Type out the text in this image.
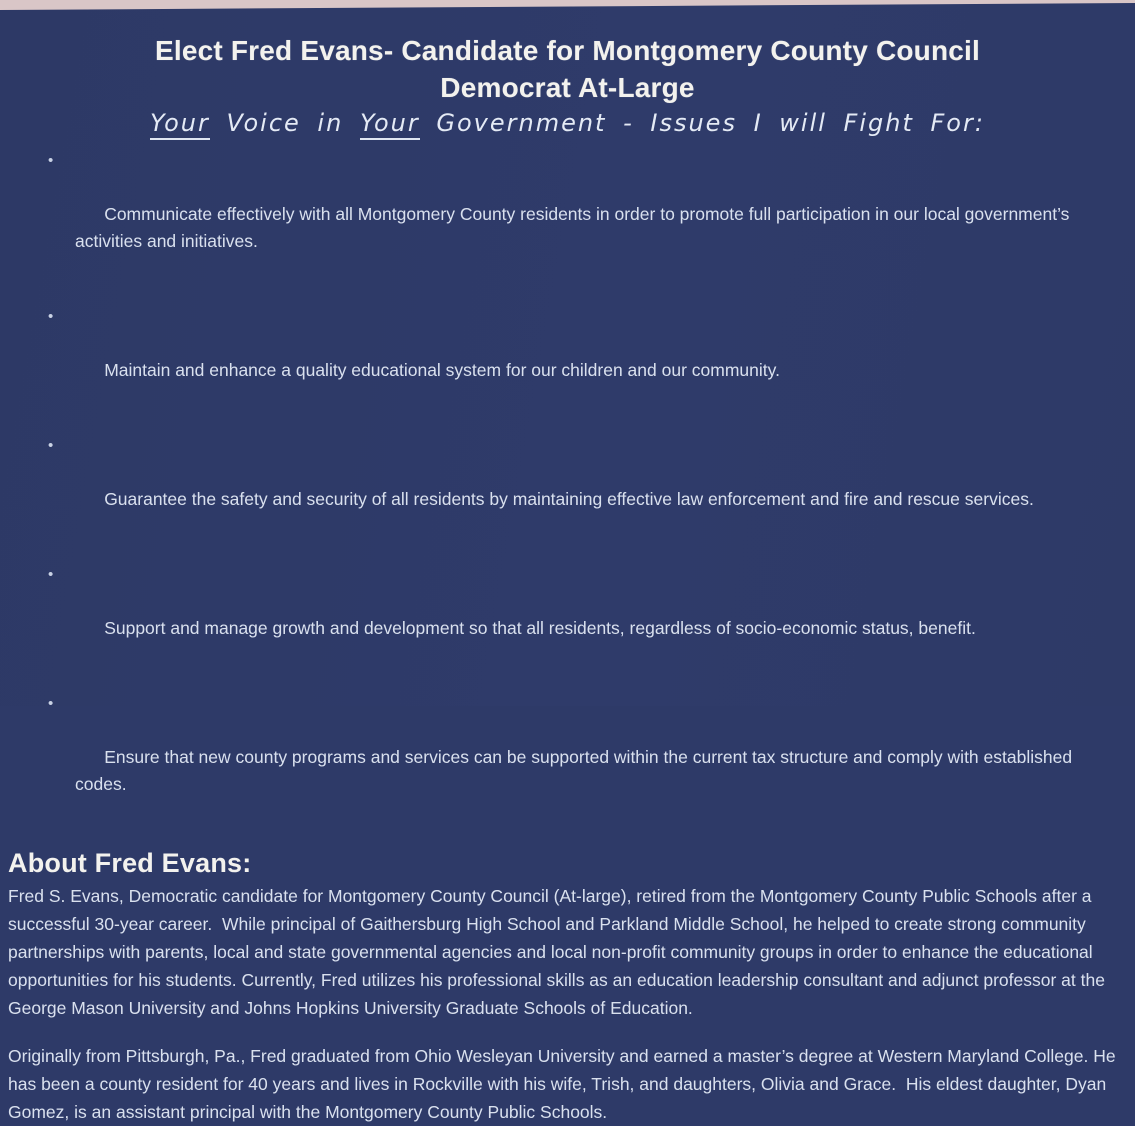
Elect Fred Evans- Candidate for Montgomery County Council
Democrat At-Large
Your Voice in Your Government - Issues I will Fight For:

•

Communicate effectively with all Montgomery County residents in order to promote full participation in our local government’s activities and initiatives.

•

Maintain and enhance a quality educational system for our children and our community.

•

Guarantee the safety and security of all residents by maintaining effective law enforcement and fire and rescue services.

•

Support and manage growth and development so that all residents, regardless of socio-economic status, benefit.

•

Ensure that new county programs and services can be supported within the current tax structure and comply with established codes.

About Fred Evans:

Fred S. Evans, Democratic candidate for Montgomery County Council (At-large), retired from the Montgomery County Public Schools after a successful 30-year career.  While principal of Gaithersburg High School and Parkland Middle School, he helped to create strong community partnerships with parents, local and state governmental agencies and local non-profit community groups in order to enhance the educational opportunities for his students. Currently, Fred utilizes his professional skills as an education leadership consultant and adjunct professor at the George Mason University and Johns Hopkins University Graduate Schools of Education.

Originally from Pittsburgh, Pa., Fred graduated from Ohio Wesleyan University and earned a master’s degree at Western Maryland College. He has been a county resident for 40 years and lives in Rockville with his wife, Trish, and daughters, Olivia and Grace.  His eldest daughter, Dyan Gomez, is an assistant principal with the Montgomery County Public Schools.
